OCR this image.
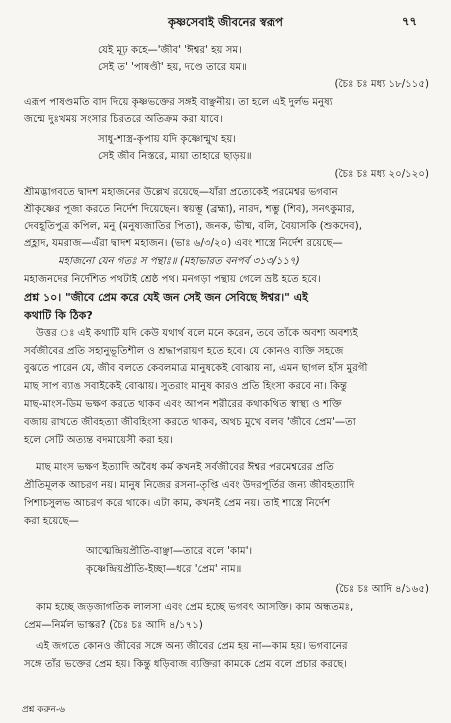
কৃষ্ণসেবাই জীবনের স্বরূপ	৭৭
যেই মূঢ় কহে—'জীব' 'ঈশ্বর' হয় সম।
সেই ত' 'পাষণ্ডী' হয়, দণ্ডে তারে যম॥
(চৈঃ চঃ মধ্য ১৮/১১৫)
এরূপ পাষণ্ডমতি বাদ দিয়ে কৃষ্ণভক্তের সঙ্গই বাঞ্ছনীয়। তা হলে এই দুর্লভ মনুষ্য
জন্মে দুঃখময় সংসার চিরতরে অতিক্রম করা যাবে।
সাধু-শাস্ত্র-কৃপায় যদি কৃষ্ণোন্মুখ হয়।
সেই জীব নিস্তরে, মায়া তাহারে ছাড়য়॥
(চৈঃ চঃ মধ্য ২০/১২০)
শ্রীমদ্ভাগবতে দ্বাদশ মহাজনের উল্লেখ রয়েছে—যাঁরা প্রত্যেকেই পরমেশ্বর ভগবান
শ্রীকৃষ্ণের পূজা করতে নির্দেশ দিয়েছেন। স্বয়ম্ভূ (ব্রহ্মা), নারদ, শম্ভু (শিব), সনৎকুমার,
দেবহূতিপুত্র কপিল, মনু (মনুষ্যজাতির পিতা), জনক, ভীষ্ম, বলি, বৈয়াসকি (শুকদেব),
প্রহ্লাদ, যমরাজ—এঁরা দ্বাদশ মহাজন। (ভাঃ ৬/৩/২০) এবং শাস্ত্রে নির্দেশ রয়েছে—
মহাজনো যেন গতঃ স পন্থাঃ॥ (মহাভারত বনপর্ব ৩১৩/১১৭)
মহাজনদের নির্দেশিত পথটাই শ্রেষ্ঠ পথ। মনগড়া পন্থায় গেলে ভ্রষ্ট হতে হবে।
প্রশ্ন ১০। "জীবে প্রেম করে যেই জন সেই জন সেবিছে ঈশ্বর।" এই
কথাটি কি ঠিক?
উত্তর ঃ এই কথাটি যদি কেউ যথার্থ বলে মনে করেন, তবে তাঁকে অবশ্য অবশ্যই
সর্বজীবের প্রতি সহানুভূতিশীল ও শ্রদ্ধাপরায়ণ হতে হবে। যে কোনও ব্যক্তি সহজে
বুঝতে পারেন যে, জীব বলতে কেবলমাত্র মানুষকেই বোঝায় না, এমন ছাগল হাঁস মুরগী
মাছ সাপ ব্যাঙ সবাইকেই বোঝায়। সুতরাং মানুষ কারও প্রতি হিংসা করবে না। কিন্তু
মাছ-মাংস-ডিম ভক্ষণ করতে থাকব এবং আপন শরীরের কথাকথিত স্বাস্থ্য ও শক্তি
বজায় রাখতে জীবহত্যা জীবহিংসা করতে থাকব, অথচ মুখে বলব 'জীবে প্রেম'—তা
হলে সেটি অত্যন্ত বদমায়েসী করা হয়।
মাছ মাংস ভক্ষণ ইত্যাদি অবৈধ কর্ম কখনই সর্বজীবের ঈশ্বর পরমেশ্বরের প্রতি
প্রীতিমূলক আচরণ নয়। মানুষ নিজের রসনা-তৃপ্তি এবং উদরপূর্তির জন্য জীবহত্যাদি
পিশাচসুলভ আচরণ করে থাকে। এটা কাম, কখনই প্রেম নয়। তাই শাস্ত্রে নির্দেশ
করা হয়েছে—
আত্মেন্দ্রিয়প্রীতি-বাঞ্ছা—তারে বলে 'কাম'।
কৃষ্ণেন্দ্রিয়প্রীতি-ইচ্ছা—ধরে 'প্রেম' নাম॥
(চৈঃ চঃ আদি ৪/১৬৫)
কাম হচ্ছে জড়জাগতিক লালসা এবং প্রেম হচ্ছে ভগবৎ আসক্তি। কাম অন্ধতমঃ,
প্রেম—নির্মল ভাস্কর? (চৈঃ চঃ আদি ৪/১৭১)
এই জগতে কোনও জীবের সঙ্গে অন্য জীবের প্রেম হয় না—কাম হয়। ভগবানের
সঙ্গে তাঁর ভক্তের প্রেম হয়। কিন্তু ধড়িবাজ ব্যক্তিরা কামকে প্রেম বলে প্রচার করছে।
প্রশ্ন করুন-৬
